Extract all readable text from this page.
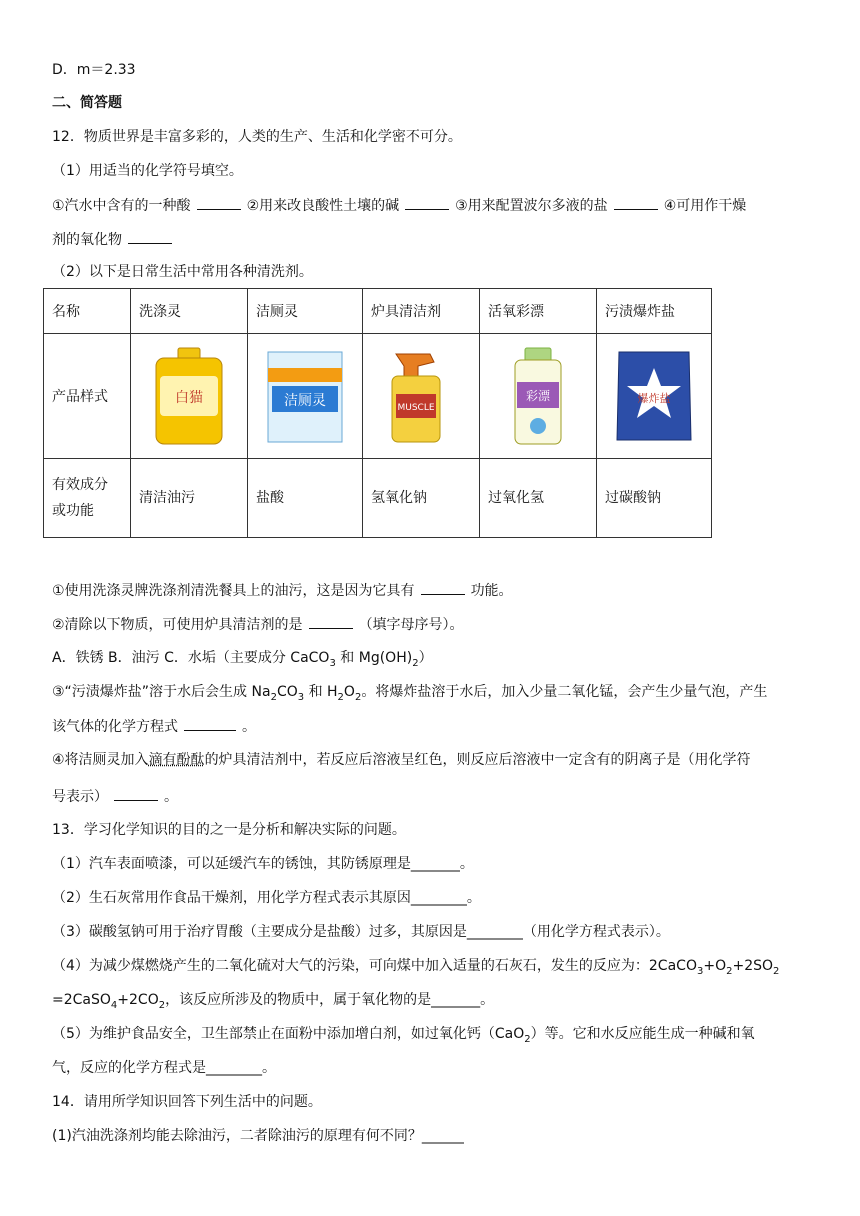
D．m＝2.33
二、简答题
12．物质世界是丰富多彩的，人类的生产、生活和化学密不可分。
（1）用适当的化学符号填空。
①汽水中含有的一种酸	②用来改良酸性土壤的碱	③用来配置波尔多液的盐	④可用作干燥
剂的氧化物
（2）以下是日常生活中常用各种清洗剂。
名称	洗涤灵	洁厕灵	炉具清洁剂	活氧彩漂	污渍爆炸盐
产品样式	白猫	洁厕灵	MUSCLE	彩漂	爆炸盐

有效成分
或功能	清洁油污	盐酸	氢氧化钠	过氧化氢	过碳酸钠
①使用洗涤灵牌洗涤剂清洗餐具上的油污，这是因为它具有	功能。
②清除以下物质，可使用炉具清洁剂的是	（填字母序号）。
A．铁锈 B．油污 C．水垢（主要成分 CaCO$_3$ 和 $Mg(OH)_2$）
③“污渍爆炸盐”溶于水后会生成 $Na_2CO_3$ 和 $H_2O_2$。将爆炸盐溶于水后，加入少量二氧化锰，会产生少量气泡，产生
该气体的化学方程式	。
④将洁厕灵加入滴有酚酞的炉具清洁剂中，若反应后溶液呈红色，则反应后溶液中一定含有的阴离子是（用化学符
号表示）	。
13．学习化学知识的目的之一是分析和解决实际的问题。
（1）汽车表面喷漆，可以延缓汽车的锈蚀，其防锈原理是_______。
（2）生石灰常用作食品干燥剂，用化学方程式表示其原因________。
（3）碳酸氢钠可用于治疗胃酸（主要成分是盐酸）过多，其原因是________（用化学方程式表示）。
（4）为减少煤燃烧产生的二氧化硫对大气的污染，可向煤中加入适量的石灰石，发生的反应为：$2CaCO_3+O_2+2SO_2$
$=2CaSO_4+2CO_2$，该反应所涉及的物质中，属于氧化物的是_______。
（5）为维护食品安全，卫生部禁止在面粉中添加增白剂，如过氧化钙（CaO$_2$）等。它和水反应能生成一种碱和氧
气，反应的化学方程式是________。
14．请用所学知识回答下列生活中的问题。
(1)汽油洗涤剂均能去除油污，二者除油污的原理有何不同？______
